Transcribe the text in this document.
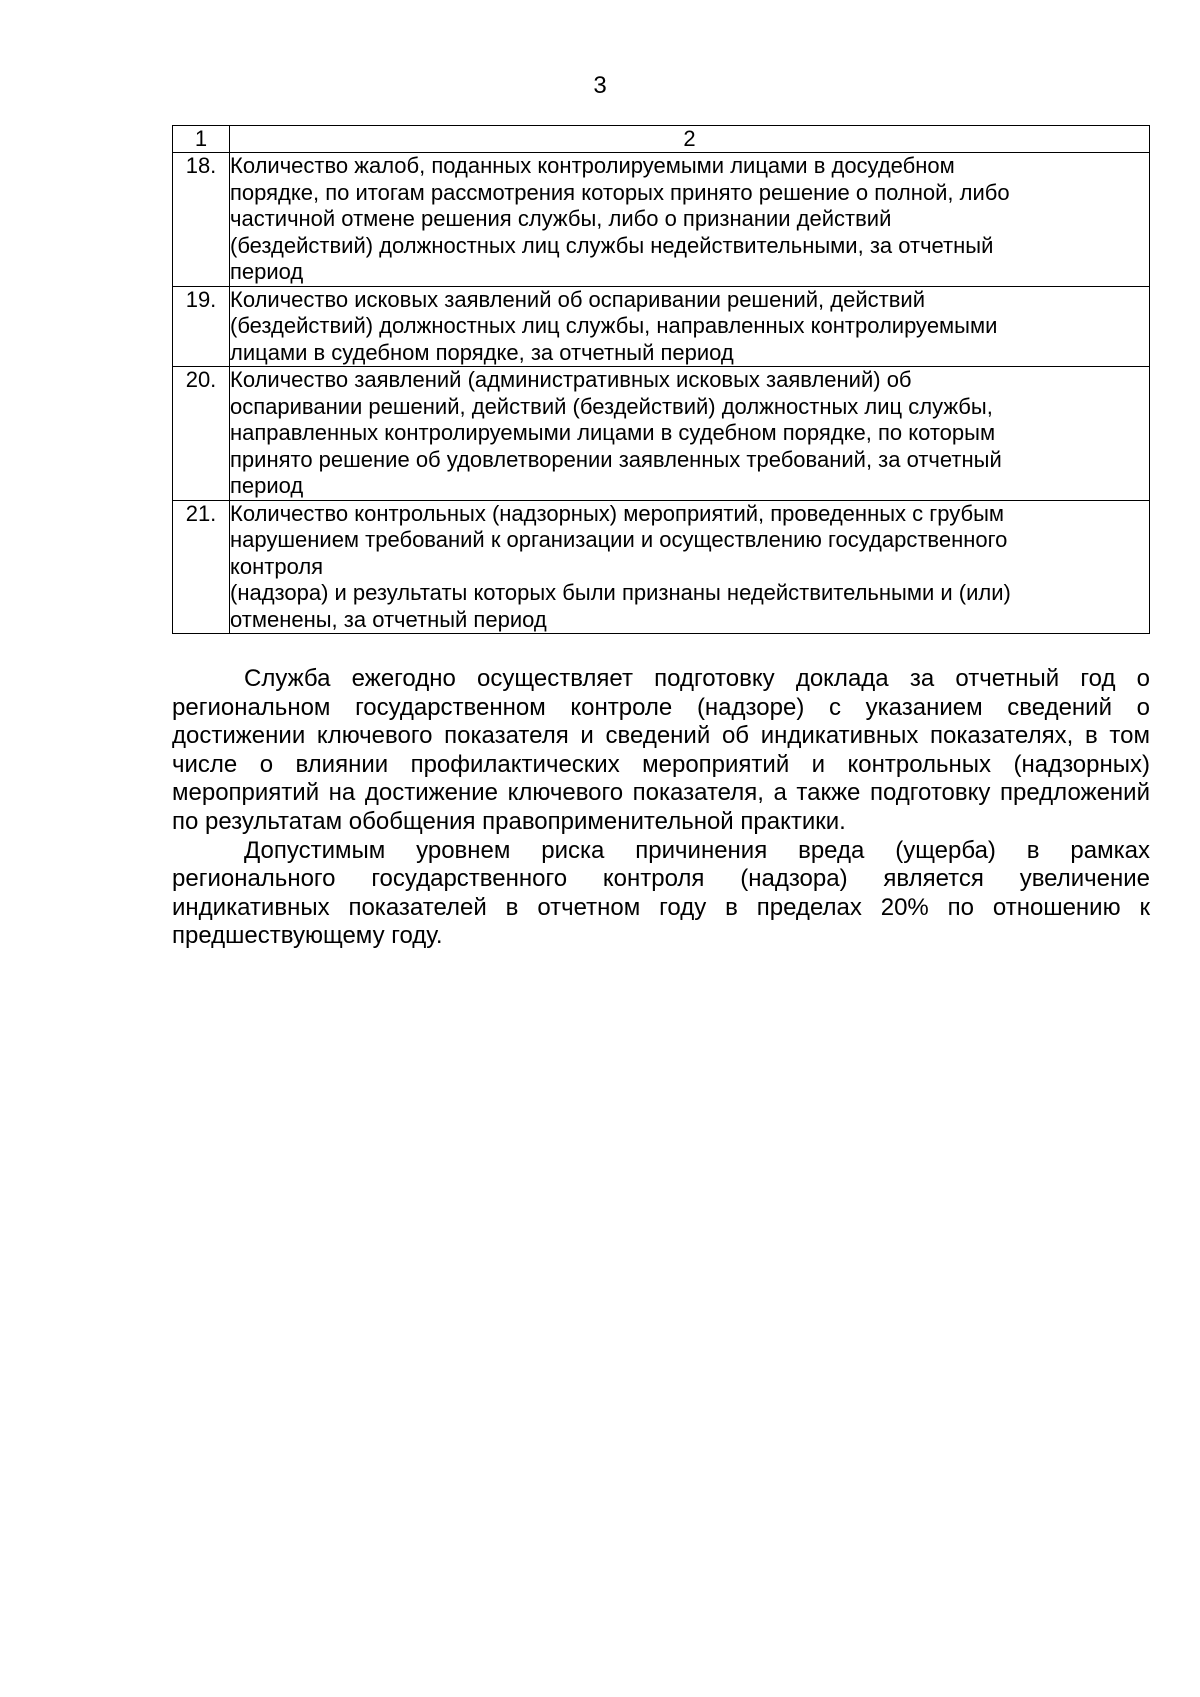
3
1	2
18.	Количество жалоб, поданных контролируемыми лицами в досудебном
порядке, по итогам рассмотрения которых принято решение о полной, либо
частичной отмене решения службы, либо о признании действий
(бездействий) должностных лиц службы недействительными, за отчетный
период

19.	Количество исковых заявлений об оспаривании решений, действий
(бездействий) должностных лиц службы, направленных контролируемыми
лицами в судебном порядке, за отчетный период

20.	Количество заявлений (административных исковых заявлений) об
оспаривании решений, действий (бездействий) должностных лиц службы,
направленных контролируемыми лицами в судебном порядке, по которым
принято решение об удовлетворении заявленных требований, за отчетный
период

21.	Количество контрольных (надзорных) мероприятий, проведенных с грубым
нарушением требований к организации и осуществлению государственного
контроля
(надзора) и результаты которых были признаны недействительными и (или)
отменены, за отчетный период

Служба ежегодно осуществляет подготовку доклада за отчетный год о региональном государственном контроле (надзоре) с указанием сведений о достижении ключевого показателя и сведений об индикативных показателях, в том числе о влиянии профилактических мероприятий и контрольных (надзорных) мероприятий на достижение ключевого показателя, а также подготовку предложений по результатам обобщения правоприменительной практики.

Допустимым уровнем риска причинения вреда (ущерба) в рамках регионального государственного контроля (надзора) является увеличение индикативных показателей в отчетном году в пределах 20% по отношению к предшествующему году.
